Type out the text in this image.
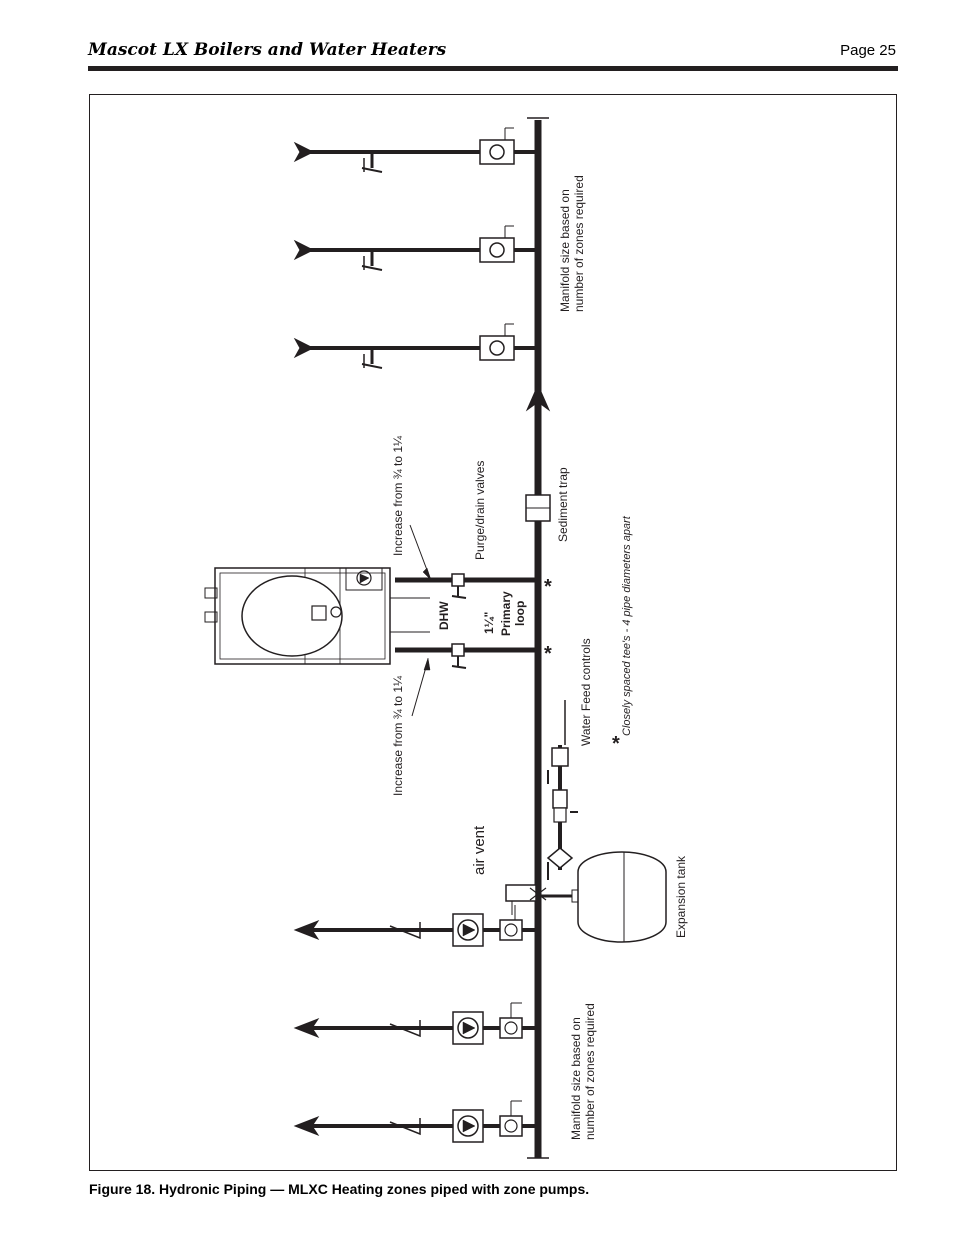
Mascot LX Boilers and Water Heaters	Page 25
Manifold size based on number of zones required
Manifold size based on number of zones required
Increase from ¾ to 1¼
Increase from ¾ to 1¼
Purge/drain valves	Sediment trap
DHW	1¼" Primary loop
Water Feed controls	Closely spaced tee's - 4 pipe diameters apart
air vent
Expansion tank
*
*
*
Figure 18. Hydronic Piping — MLXC Heating zones piped with zone pumps.
